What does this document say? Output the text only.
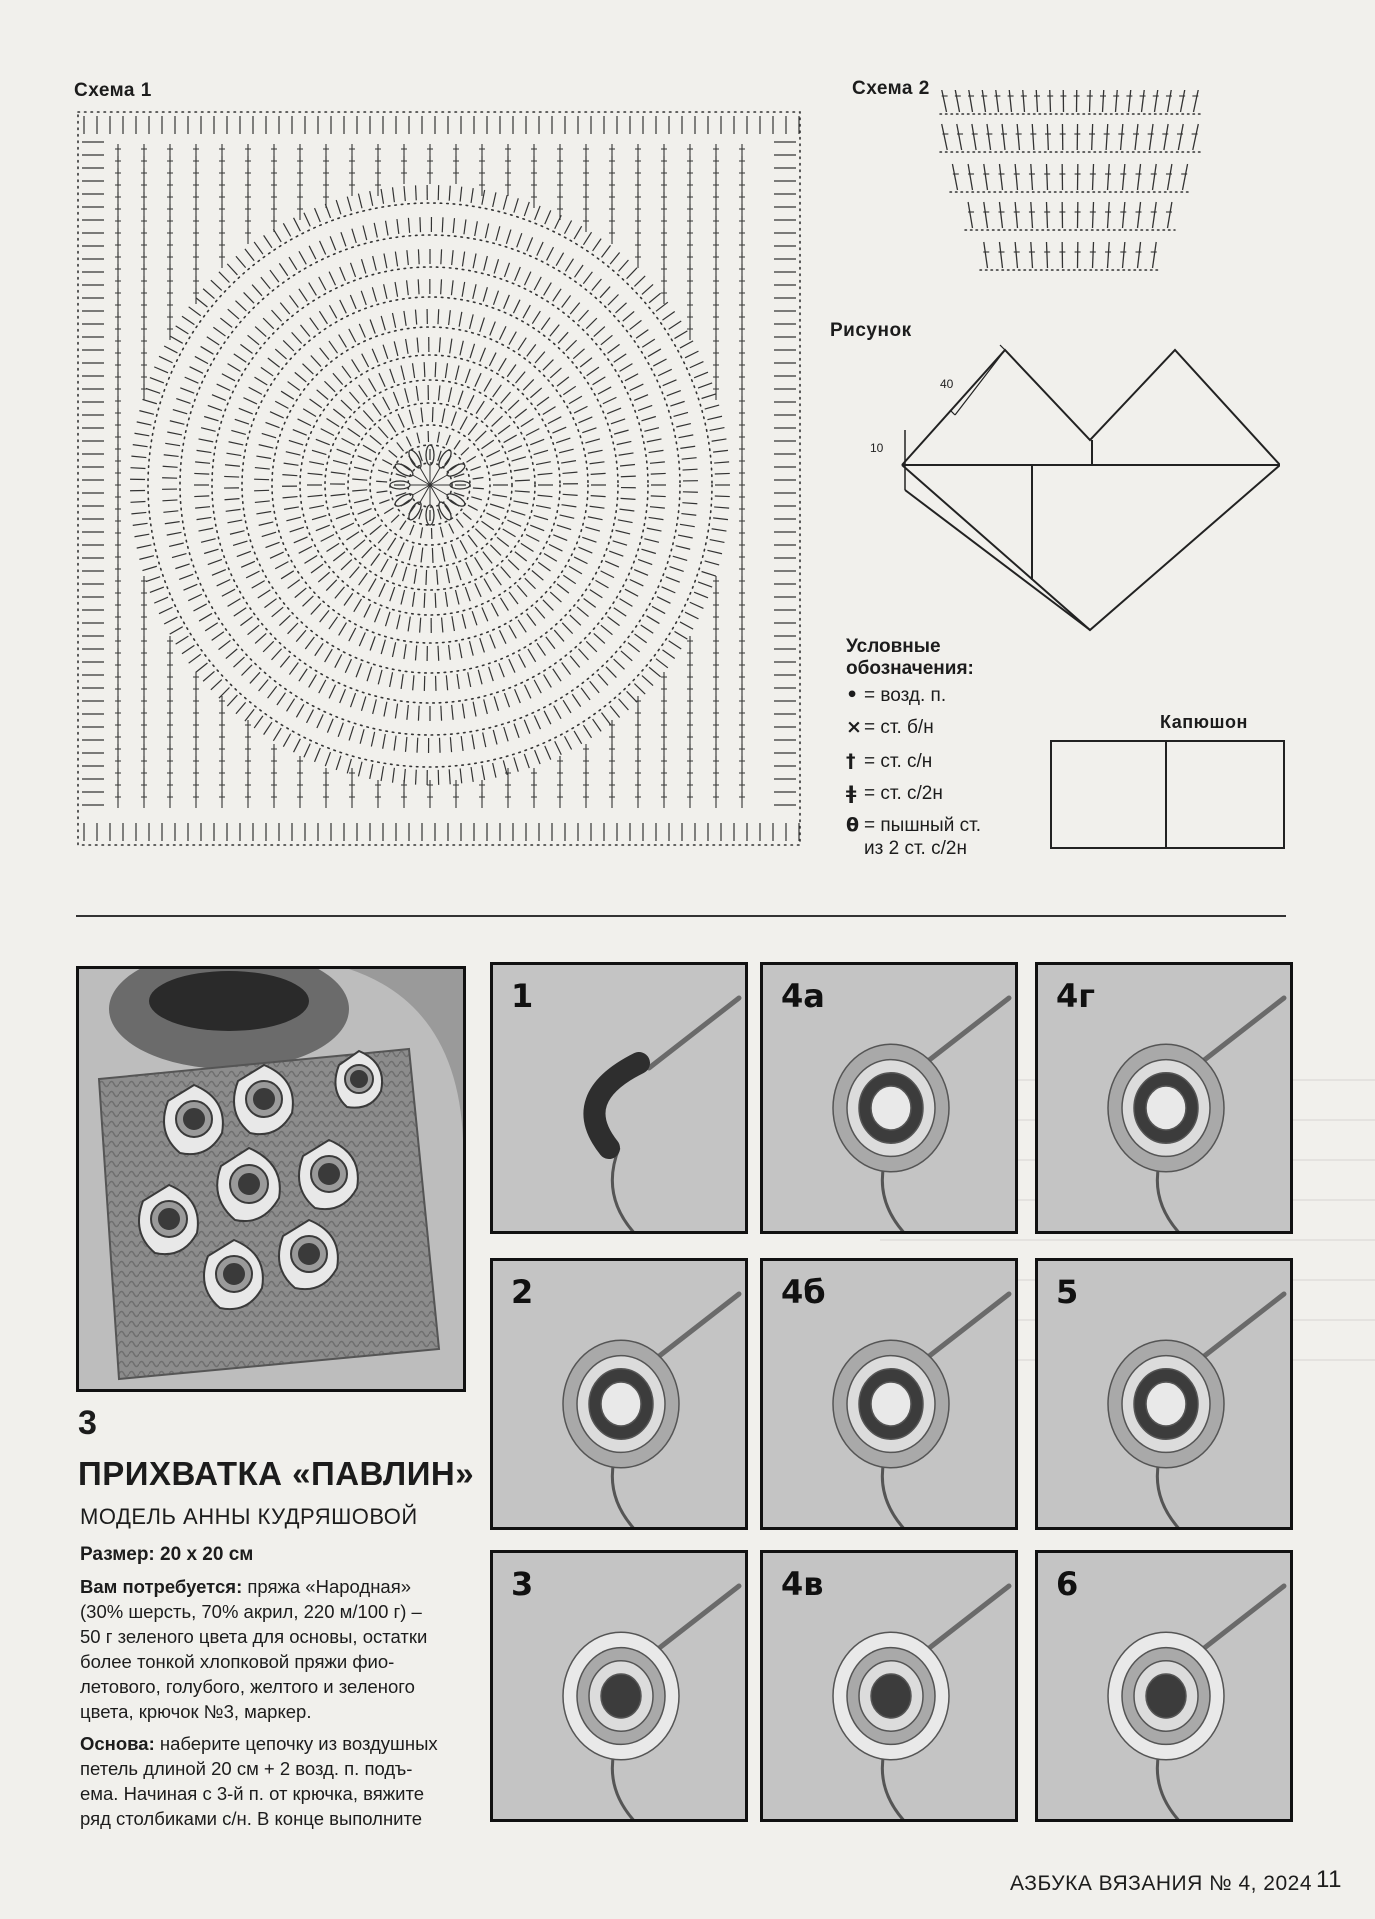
Схема 1	Схема 2
Рисунок
40
10
Условные
обозначения:
• = возд. п.
× = ст. б/н
† = ст. с/н
ǂ = ст. с/2н
θ = пышный ст.
из 2 ст. с/2н
Капюшон
1	4а	4г
2	4б	5
3	4в	6
3
ПРИХВАТКА «ПАВЛИН»
МОДЕЛЬ АННЫ КУДРЯШОВОЙ
Размер: 20 х 20 см
Вам потребуется: пряжа «Народная»
(30% шерсть, 70% акрил, 220 м/100 г) –
50 г зеленого цвета для основы, остатки
более тонкой хлопковой пряжи фио-
летового, голубого, желтого и зеленого
цвета, крючок №3, маркер.
Основа: наберите цепочку из воздушных
петель длиной 20 см + 2 возд. п. подъ-
ема. Начиная с 3-й п. от крючка, вяжите
ряд столбиками с/н. В конце выполните
АЗБУКА ВЯЗАНИЯ № 4, 2024 11
